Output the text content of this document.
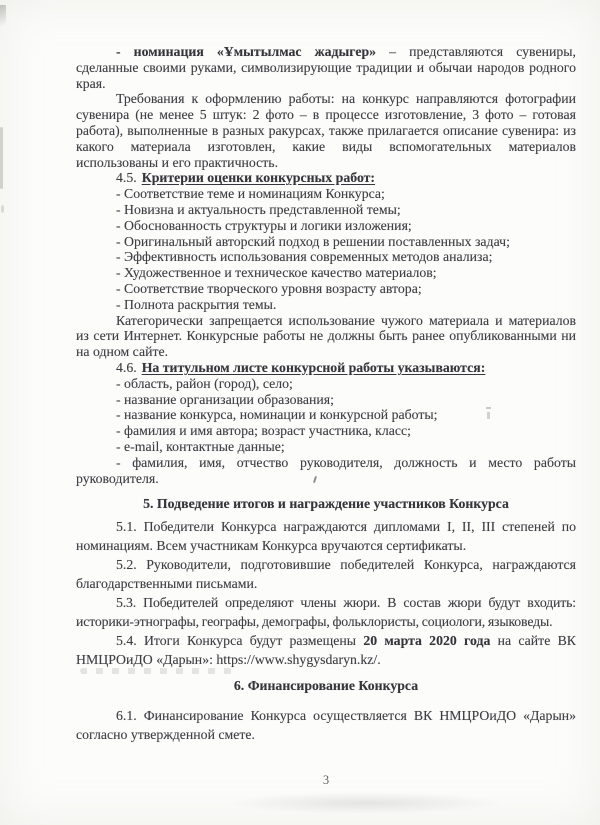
- номинация «Ұмытылмас жадыгер» – представляются сувениры, сделанные своими руками, символизирующие традиции и обычаи народов родного края.

Требования к оформлению работы: на конкурс направляются фотографии сувенира (не менее 5 штук: 2 фото – в процессе изготовление, 3 фото – готовая работа), выполненные в разных ракурсах, также прилагается описание сувенира: из какого материала изготовлен, какие виды вспомогательных материалов использованы и его практичность.

4.5. Критерии оценки конкурсных работ:

- Соответствие теме и номинациям Конкурса;

- Новизна и актуальность представленной темы;

- Обоснованность структуры и логики изложения;

- Оригинальный авторский подход в решении поставленных задач;

- Эффективность использования современных методов анализа;

- Художественное и техническое качество материалов;

- Соответствие творческого уровня возрасту автора;

- Полнота раскрытия темы.

Категорически запрещается использование чужого материала и материалов из сети Интернет. Конкурсные работы не должны быть ранее опубликованными ни на одном сайте.

4.6. На титульном листе конкурсной работы указываются:

- область, район (город), село;

- название организации образования;

- название конкурса, номинации и конкурсной работы;

- фамилия и имя автора; возраст участника, класс;

- e-mail, контактные данные;

- фамилия, имя, отчество руководителя, должность и место работы руководителя.

5. Подведение итогов и награждение участников Конкурса

5.1. Победители Конкурса награждаются дипломами I, II, III степеней по номинациям. Всем участникам Конкурса вручаются сертификаты.

5.2. Руководители, подготовившие победителей Конкурса, награждаются благодарственными письмами.

5.3. Победителей определяют члены жюри. В состав жюри будут входить: историки-этнографы, географы, демографы, фольклористы, социологи, языковеды.

5.4. Итоги Конкурса будут размещены 20 марта 2020 года на сайте ВК НМЦРОиДО «Дарын»: https://www.shygysdaryn.kz/.

6. Финансирование Конкурса

6.1. Финансирование Конкурса осуществляется ВК НМЦРОиДО «Дарын» согласно утвержденной смете.

3
